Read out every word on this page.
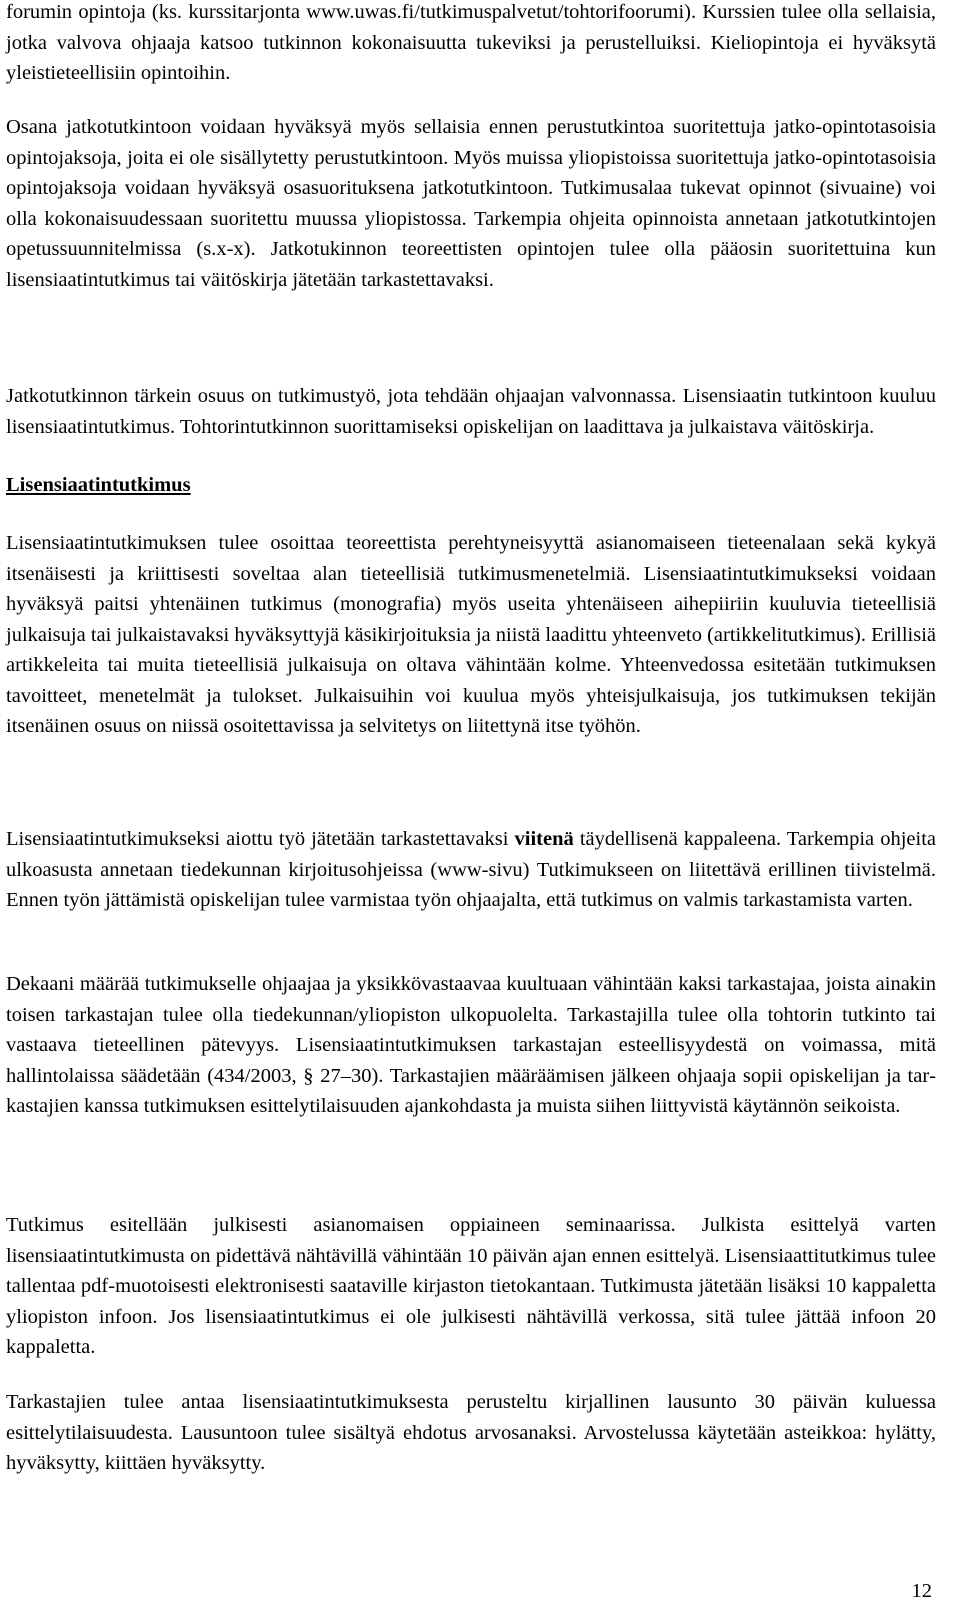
forumin opintoja (ks. kurssitarjonta www.uwas.fi/tutkimuspalvetut/tohtorifoorumi). Kurssien tulee olla sellaisia, jotka valvova ohjaaja katsoo tutkinnon kokonaisuutta tukeviksi ja perustelluiksi. Kieliopintoja ei hyväksytä yleistieteellisiin opintoihin.

Osana jatkotutkintoon voidaan hyväksyä myös sellaisia ennen perustutkintoa suoritettuja jatko-opintotasoisia opintojaksoja, joita ei ole sisällytetty perustutkintoon. Myös muissa yliopistoissa suoritettuja jatko-opintotasoisia opintojaksoja voidaan hyväksyä osasuorituksena jatkotutkintoon. Tutkimusalaa tukevat opinnot (sivuaine) voi olla kokonaisuudessaan suoritettu muussa yliopistossa. Tarkempia ohjeita opinnoista annetaan jatkotutkintojen opetussuunnitelmissa (s.x-x). Jatkotukinnon teoreettisten opintojen tulee olla pääosin suoritettuina kun lisensiaatintutkimus tai väitöskirja jätetään tarkastettavaksi.

Jatkotutkinnon tärkein osuus on tutkimustyö, jota tehdään ohjaajan valvonnassa. Lisensiaatin tutkintoon kuuluu lisensiaatintutkimus. Tohtorintutkinnon suorittamiseksi opiskelijan on laadittava ja julkaistava väitöskirja.

Lisensiaatintutkimus

Lisensiaatintutkimuksen tulee osoittaa teoreettista perehtyneisyyttä asianomaiseen tieteenalaan sekä kykyä itsenäisesti ja kriittisesti soveltaa alan tieteellisiä tutkimusmenetelmiä. Lisensiaatintutkimukseksi voidaan hyväksyä paitsi yhtenäinen tutkimus (monografia) myös useita yhtenäiseen aihepiiriin kuuluvia tieteellisiä julkaisuja tai julkaistavaksi hyväksyttyjä käsikirjoituksia ja niistä laadittu yhteenveto (artikkelitutkimus). Erillisiä artikkeleita tai muita tieteellisiä julkaisuja on oltava vähintään kolme. Yhteenvedossa esitetään tutkimuksen tavoitteet, menetelmät ja tulokset. Julkaisuihin voi kuulua myös yhteisjulkaisuja, jos tutkimuksen tekijän itsenäinen osuus on niissä osoitettavissa ja selvitetys on liitettynä itse työhön.

Lisensiaatintutkimukseksi aiottu työ jätetään tarkastettavaksi viitenä täydellisenä kappaleena. Tarkempia ohjeita ulkoasusta annetaan tiedekunnan kirjoitusohjeissa (www-sivu) Tutkimukseen on liitettävä erillinen tiivistelmä. Ennen työn jättämistä opiskelijan tulee varmistaa työn ohjaajalta, että tutkimus on valmis tarkastamista varten.

Dekaani määrää tutkimukselle ohjaajaa ja yksikkövastaavaa kuultuaan vähintään kaksi tarkastajaa, joista ainakin toisen tarkastajan tulee olla tiedekunnan/yliopiston ulkopuolelta. Tarkastajilla tulee olla tohtorin tutkinto tai vastaava tieteellinen pätevyys. Lisensiaatintutkimuksen tarkastajan esteellisyydestä on voimassa, mitä hallintolaissa säädetään (434/2003, § 27–30). Tarkastajien määräämisen jälkeen ohjaaja sopii opiskelijan ja tarkastajien kanssa tutkimuksen esittelytilaisuuden ajankohdasta ja muista siihen liittyvistä käytännön seikoista.

Tutkimus esitellään julkisesti asianomaisen oppiaineen seminaarissa. Julkista esittelyä varten lisensiaatintutkimusta on pidettävä nähtävillä vähintään 10 päivän ajan ennen esittelyä. Lisensiaattitutkimus tulee tallentaa pdf-muotoisesti elektronisesti saataville kirjaston tietokantaan. Tutkimusta jätetään lisäksi 10 kappaletta yliopiston infoon. Jos lisensiaatintutkimus ei ole julkisesti nähtävillä verkossa, sitä tulee jättää infoon 20 kappaletta.

Tarkastajien tulee antaa lisensiaatintutkimuksesta perusteltu kirjallinen lausunto 30 päivän kuluessa esittelytilaisuudesta. Lausuntoon tulee sisältyä ehdotus arvosanaksi. Arvostelussa käytetään asteikkoa: hylätty, hyväksytty, kiittäen hyväksytty.

12
